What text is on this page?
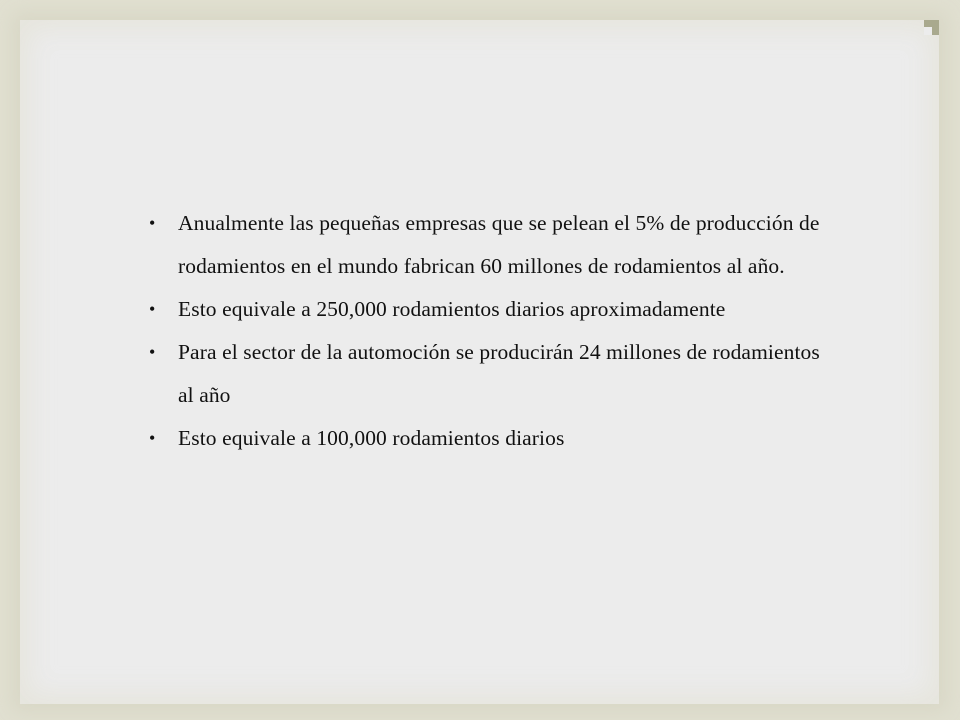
• Anualmente las pequeñas empresas que se pelean el 5% de producción de rodamientos en el mundo fabrican 60 millones de rodamientos al año.
• Esto equivale a 250,000 rodamientos diarios aproximadamente
• Para el sector de la automoción se producirán 24 millones de rodamientos al año
• Esto equivale a 100,000 rodamientos diarios
